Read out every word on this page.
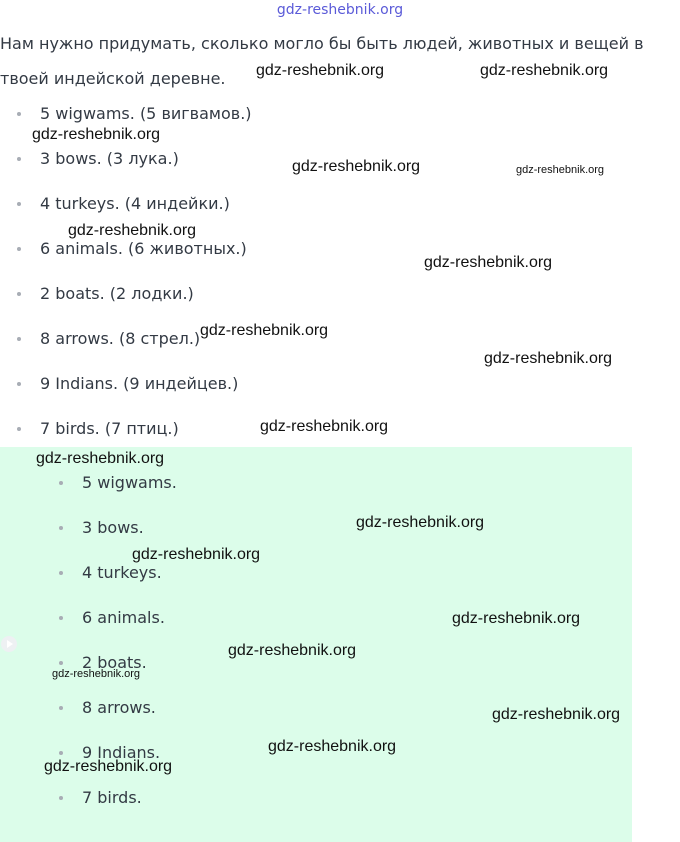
gdz-reshebnik.org

Нам нужно придумать, сколько могло бы быть людей, животных и вещей в твоей индейской деревне.

5 wigwams. (5 вигвамов.)
3 bows. (3 лука.)
4 turkeys. (4 индейки.)
6 animals. (6 животных.)
2 boats. (2 лодки.)
8 arrows. (8 стрел.)
9 Indians. (9 индейцев.)
7 birds. (7 птиц.)
5 wigwams.
3 bows.
4 turkeys.
6 animals.
2 boats.
8 arrows.
9 Indians.
7 birds.
gdz-reshebnik.org	gdz-reshebnik.org
gdz-reshebnik.org
gdz-reshebnik.org	gdz-reshebnik.org
gdz-reshebnik.org
gdz-reshebnik.org
gdz-reshebnik.org
gdz-reshebnik.org
gdz-reshebnik.org
gdz-reshebnik.org
gdz-reshebnik.org
gdz-reshebnik.org
gdz-reshebnik.org
gdz-reshebnik.org
gdz-reshebnik.org
gdz-reshebnik.org
gdz-reshebnik.org
gdz-reshebnik.org
